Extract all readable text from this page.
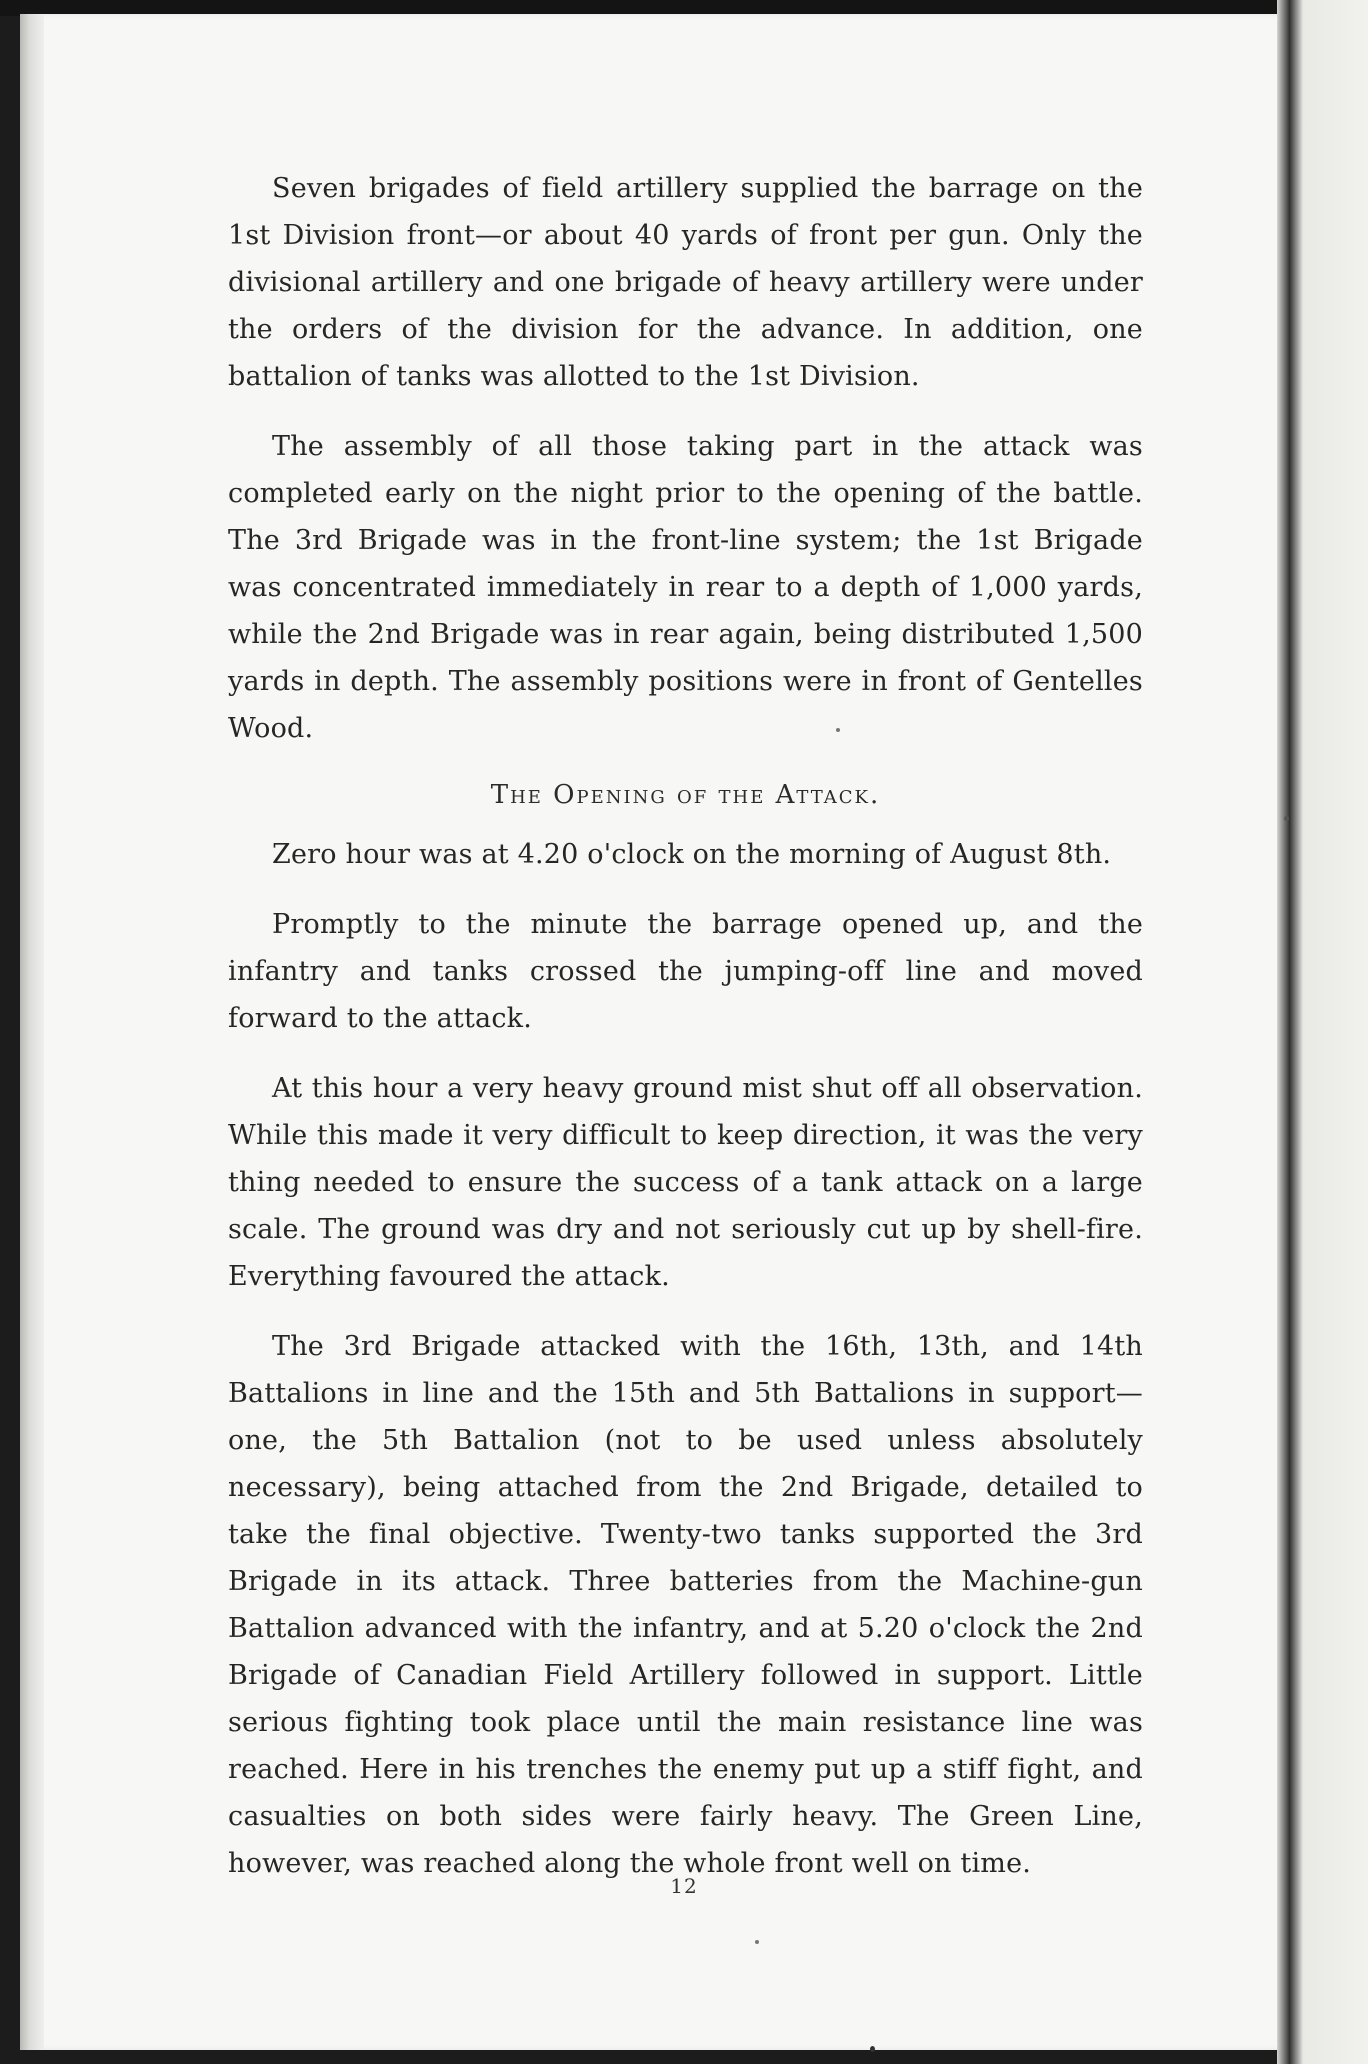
Seven brigades of field artillery supplied the barrage on the 1st Division front—or about 40 yards of front per gun. Only the divisional artillery and one brigade of heavy artillery were under the orders of the division for the advance. In addition, one battalion of tanks was allotted to the 1st Division.

The assembly of all those taking part in the attack was completed early on the night prior to the opening of the battle. The 3rd Brigade was in the front-line system; the 1st Brigade was concentrated immediately in rear to a depth of 1,000 yards, while the 2nd Brigade was in rear again, being distributed 1,500 yards in depth. The assembly positions were in front of Gentelles Wood.

The Opening of the Attack.

Zero hour was at 4.20 o'clock on the morning of August 8th.

Promptly to the minute the barrage opened up, and the infantry and tanks crossed the jumping-off line and moved forward to the attack.

At this hour a very heavy ground mist shut off all observation. While this made it very difficult to keep direction, it was the very thing needed to ensure the success of a tank attack on a large scale. The ground was dry and not seriously cut up by shell-fire. Everything favoured the attack.

The 3rd Brigade attacked with the 16th, 13th, and 14th Battalions in line and the 15th and 5th Battalions in support—one, the 5th Battalion (not to be used unless absolutely necessary), being attached from the 2nd Brigade, detailed to take the final objective. Twenty-two tanks supported the 3rd Brigade in its attack. Three batteries from the Machine-gun Battalion advanced with the infantry, and at 5.20 o'clock the 2nd Brigade of Canadian Field Artillery followed in support. Little serious fighting took place until the main resistance line was reached. Here in his trenches the enemy put up a stiff fight, and casualties on both sides were fairly heavy. The Green Line, however, was reached along the whole front well on time.

12
